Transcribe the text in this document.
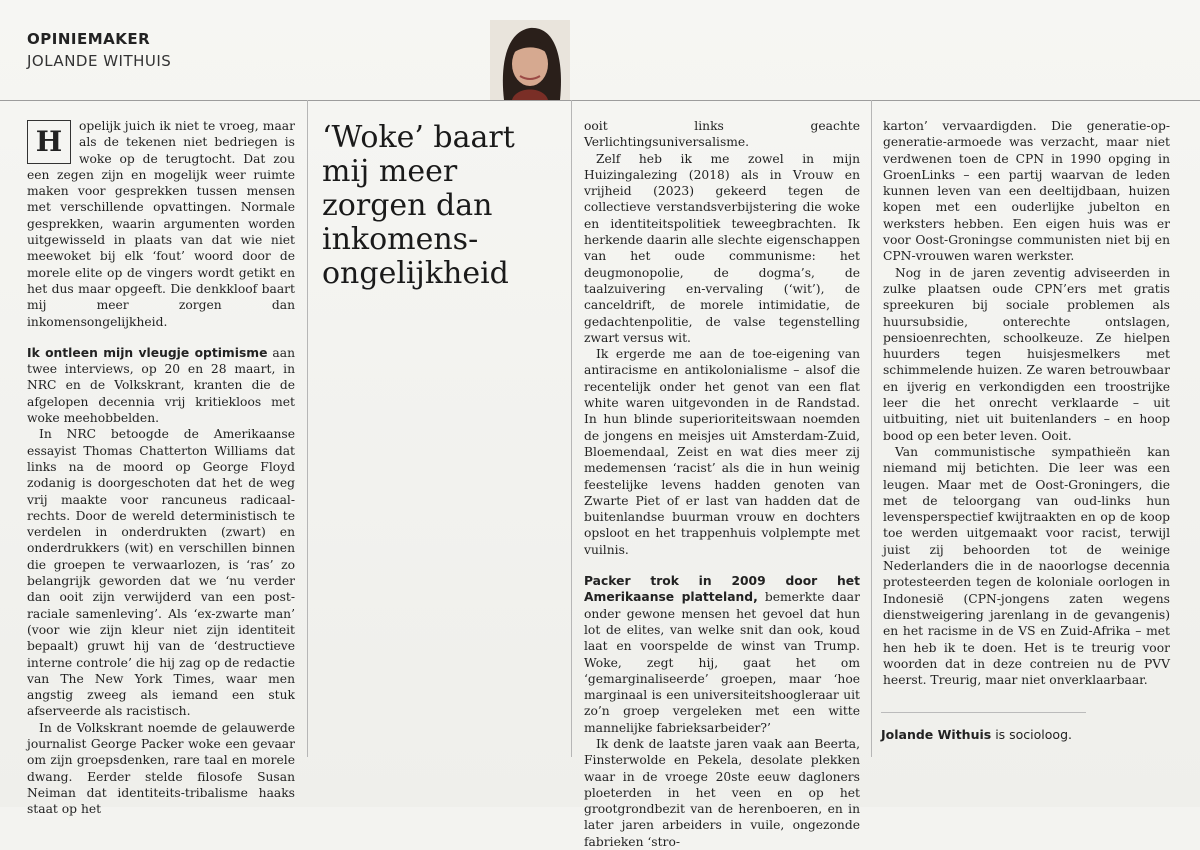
OPINIEMAKER
JOLANDE WITHUIS

H	opelijk juich ik niet te vroeg, maar als de tekenen niet bedriegen is woke op de terugtocht. Dat zou een zegen zijn en mogelijk weer ruimte maken voor gesprekken tussen mensen met verschillende opvattingen. Normale gesprekken, waarin argumenten worden uitgewisseld in plaats van dat wie niet meewoket bij elk ‘fout’ woord door de morele elite op de vingers wordt getikt en het dus maar opgeeft. Die denkkloof baart mij meer zorgen dan inkomensongelijkheid.

Ik ontleen mijn vleugje optimisme aan twee interviews, op 20 en 28 maart, in NRC en de Volkskrant, kranten die de afgelopen decennia vrij kritiekloos met woke meehobbelden.

In NRC betoogde de Amerikaanse essayist Thomas Chatterton Williams dat links na de moord op George Floyd zodanig is doorgeschoten dat het de weg vrij maakte voor rancuneus radicaal-rechts. Door de wereld deterministisch te verdelen in onderdrukten (zwart) en onderdrukkers (wit) en verschillen binnen die groepen te verwaarlozen, is ‘ras’ zo belangrijk geworden dat we ‘nu verder dan ooit zijn verwijderd van een post-raciale samenleving’. Als ‘ex-zwarte man’ (voor wie zijn kleur niet zijn identiteit bepaalt) gruwt hij van de ‘destructieve interne controle’ die hij zag op de redactie van The New York Times, waar men angstig zweeg als iemand een stuk afserveerde als racistisch.

In de Volkskrant noemde de gelauwerde journalist George Packer woke een gevaar om zijn groepsdenken, rare taal en morele dwang. Eerder stelde filosofe Susan Neiman dat identiteits-tribalisme haaks staat op het

‘Woke’ baart mij meer zorgen dan inkomens-ongelijkheid

ooit links geachte Verlichtingsuniversalisme.

Zelf heb ik me zowel in mijn Huizingalezing (2018) als in Vrouw en vrijheid (2023) gekeerd tegen de collectieve verstandsverbijstering die woke en identiteitspolitiek teweegbrachten. Ik herkende daarin alle slechte eigenschappen van het oude communisme: het deugmonopolie, de dogma’s, de taalzuivering en-vervaling (‘wit’), de canceldrift, de morele intimidatie, de gedachtenpolitie, de valse tegenstelling zwart versus wit.

Ik ergerde me aan de toe-eigening van antiracisme en antikolonialisme – alsof die recentelijk onder het genot van een flat white waren uitgevonden in de Randstad. In hun blinde superioriteitswaan noemden de jongens en meisjes uit Amsterdam-Zuid, Bloemendaal, Zeist en wat dies meer zij medemensen ‘racist’ als die in hun weinig feestelijke levens hadden genoten van Zwarte Piet of er last van hadden dat de buitenlandse buurman vrouw en dochters opsloot en het trappenhuis volplempte met vuilnis.

Packer trok in 2009 door het Amerikaanse platteland, bemerkte daar onder gewone mensen het gevoel dat hun lot de elites, van welke snit dan ook, koud laat en voorspelde de winst van Trump. Woke, zegt hij, gaat het om ‘gemarginaliseerde’ groepen, maar ‘hoe marginaal is een universiteitshoogleraar uit zo’n groep vergeleken met een witte mannelijke fabrieksarbeider?’

Ik denk de laatste jaren vaak aan Beerta, Finsterwolde en Pekela, desolate plekken waar in de vroege 20ste eeuw dagloners ploeterden in het veen en op het grootgrondbezit van de herenboeren, en in later jaren arbeiders in vuile, ongezonde fabrieken ‘stro-

karton’ vervaardigden. Die generatie-op-generatie-armoede was verzacht, maar niet verdwenen toen de CPN in 1990 opging in GroenLinks – een partij waarvan de leden kunnen leven van een deeltijdbaan, huizen kopen met een ouderlijke jubelton en werksters hebben. Een eigen huis was er voor Oost-Groningse communisten niet bij en CPN-vrouwen waren werkster.

Nog in de jaren zeventig adviseerden in zulke plaatsen oude CPN’ers met gratis spreekuren bij sociale problemen als huursubsidie, onterechte ontslagen, pensioenrechten, schoolkeuze. Ze hielpen huurders tegen huisjesmelkers met schimmelende huizen. Ze waren betrouwbaar en ijverig en verkondigden een troostrijke leer die het onrecht verklaarde – uit uitbuiting, niet uit buitenlanders – en hoop bood op een beter leven. Ooit.

Van communistische sympathieën kan niemand mij betichten. Die leer was een leugen. Maar met de Oost-Groningers, die met de teloorgang van oud-links hun levensperspectief kwijtraakten en op de koop toe werden uitgemaakt voor racist, terwijl juist zij behoorden tot de weinige Nederlanders die in de naoorlogse decennia protesteerden tegen de koloniale oorlogen in Indonesië (CPN-jongens zaten wegens dienstweigering jarenlang in de gevangenis) en het racisme in de VS en Zuid-Afrika – met hen heb ik te doen. Het is te treurig voor woorden dat in deze contreien nu de PVV heerst. Treurig, maar niet onverklaarbaar.

Jolande Withuis is socioloog.
